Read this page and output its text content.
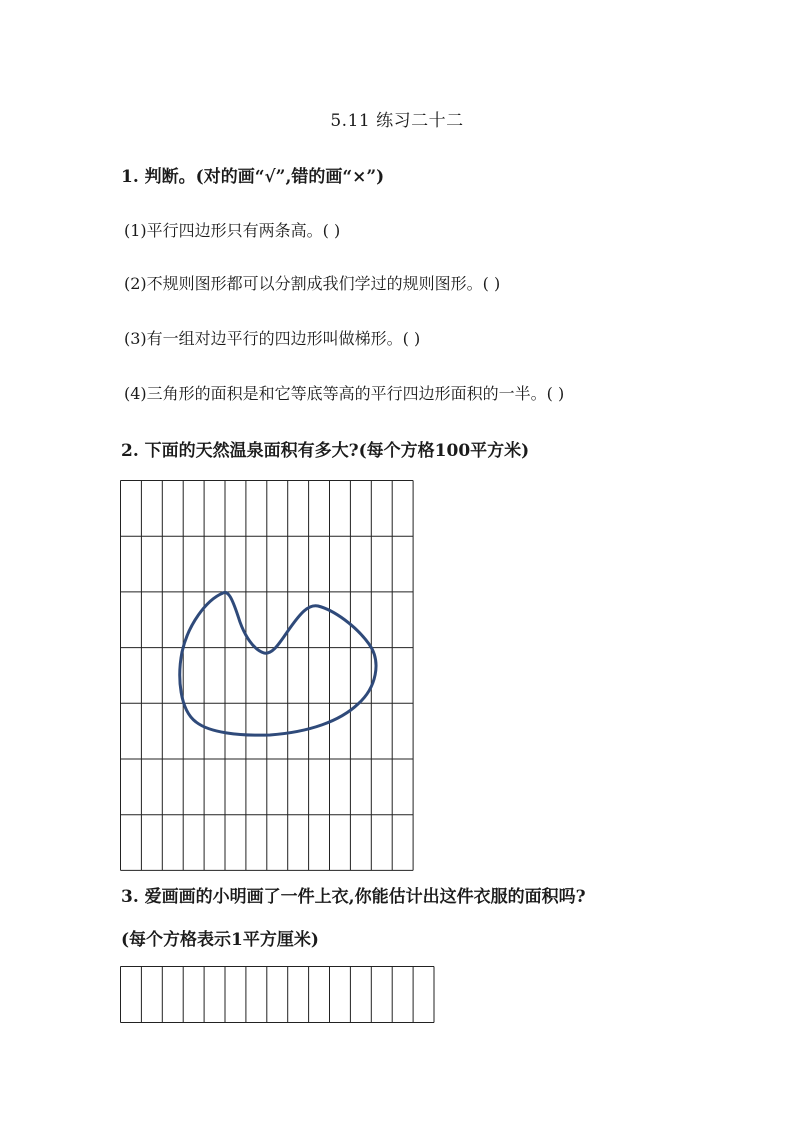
5.11 练习二十二
1. 判断。(对的画“√”,错的画“×”)
(1)平行四边形只有两条高。( )
(2)不规则图形都可以分割成我们学过的规则图形。( )
(3)有一组对边平行的四边形叫做梯形。( )
(4)三角形的面积是和它等底等高的平行四边形面积的一半。( )
2. 下面的天然温泉面积有多大?(每个方格100平方米)
3. 爱画画的小明画了一件上衣,你能估计出这件衣服的面积吗?
(每个方格表示1平方厘米)
